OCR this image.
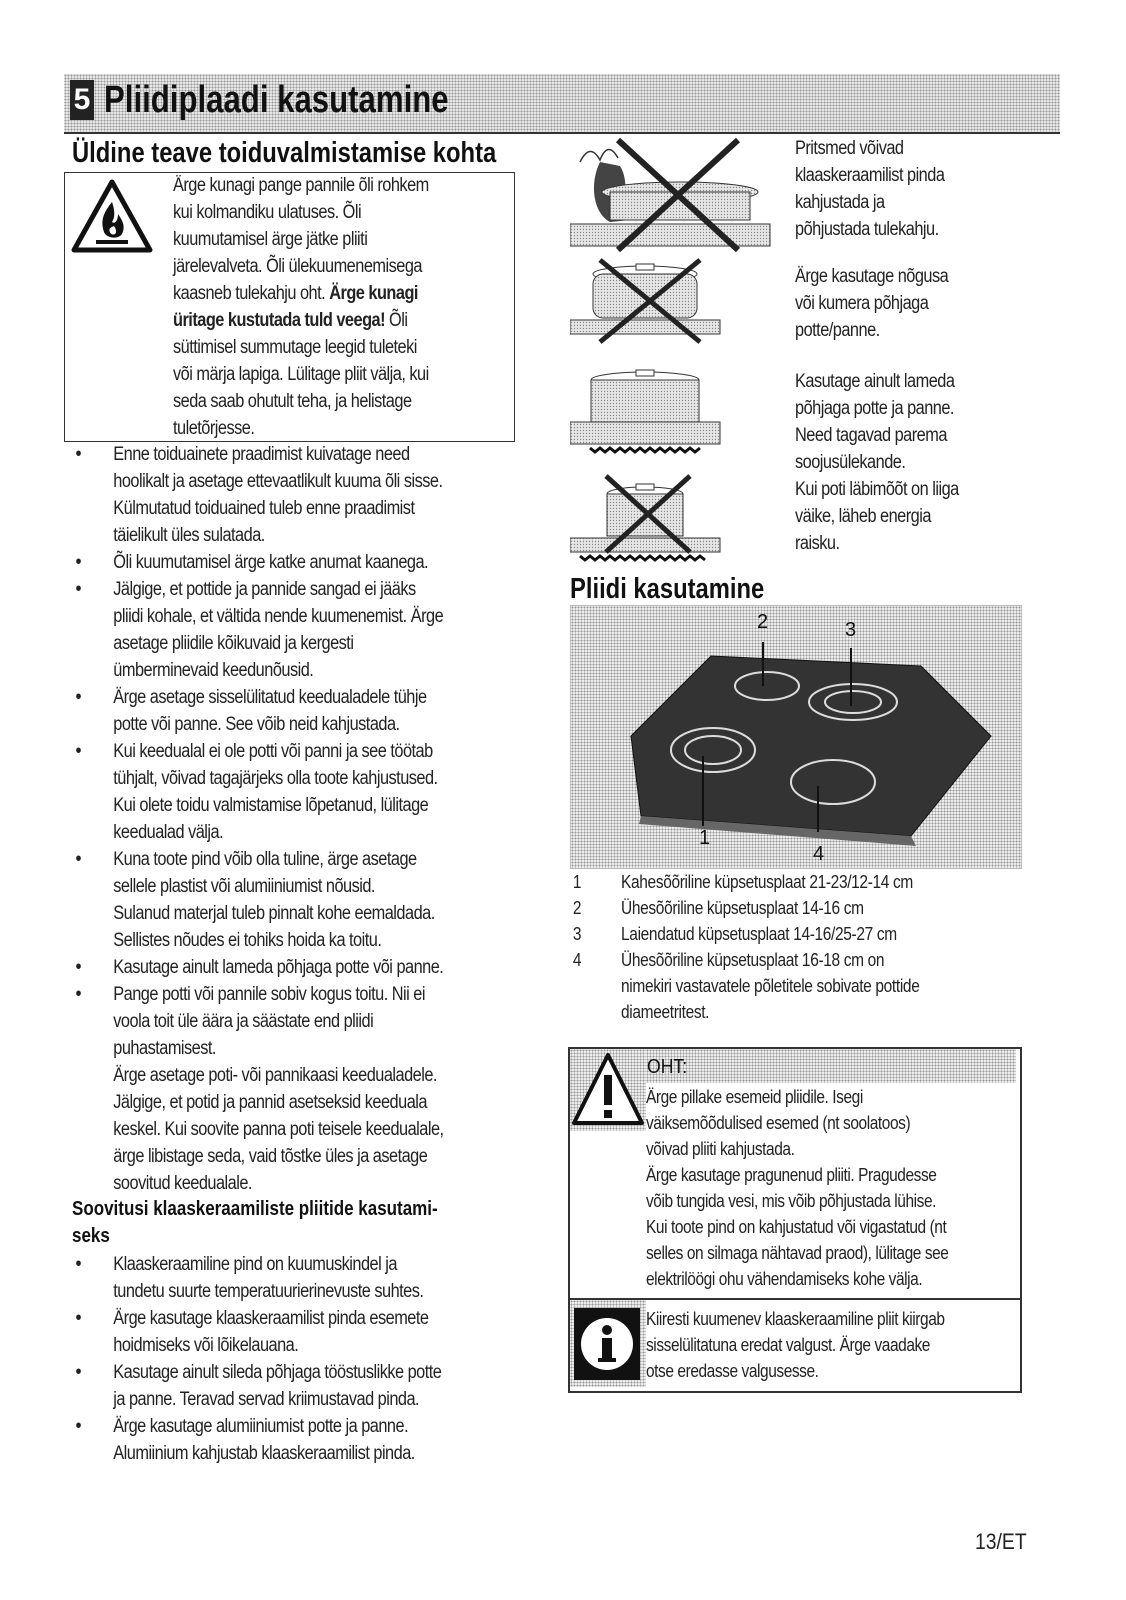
5 Pliidiplaadi kasutamine
Üldine teave toiduvalmistamise kohta
Ärge kunagi pange pannile õli rohkem
kui kolmandiku ulatuses. Õli
kuumutamisel ärge jätke pliiti
järelevalveta. Õli ülekuumenemisega
kaasneb tulekahju oht. Ärge kunagi
üritage kustutada tuld veega! Õli
süttimisel summutage leegid tuleteki
või märja lapiga. Lülitage pliit välja, kui
seda saab ohutult teha, ja helistage
tuletõrjesse.
• Enne toiduainete praadimist kuivatage need
hoolikalt ja asetage ettevaatlikult kuuma õli sisse.
Külmutatud toiduained tuleb enne praadimist
täielikult üles sulatada.
• Õli kuumutamisel ärge katke anumat kaanega.
• Jälgige, et pottide ja pannide sangad ei jääks
pliidi kohale, et vältida nende kuumenemist. Ärge
asetage pliidile kõikuvaid ja kergesti
ümberminevaid keedunõusid.
• Ärge asetage sisselülitatud keedualadele tühje
potte või panne. See võib neid kahjustada.
• Kui keedualal ei ole potti või panni ja see töötab
tühjalt, võivad tagajärjeks olla toote kahjustused.
Kui olete toidu valmistamise lõpetanud, lülitage
keedualad välja.
• Kuna toote pind võib olla tuline, ärge asetage
sellele plastist või alumiiniumist nõusid.
Sulanud materjal tuleb pinnalt kohe eemaldada.
Sellistes nõudes ei tohiks hoida ka toitu.
• Kasutage ainult lameda põhjaga potte või panne.
• Pange potti või pannile sobiv kogus toitu. Nii ei
voola toit üle äära ja säästate end pliidi
puhastamisest.
Ärge asetage poti- või pannikaasi keedualadele.
Jälgige, et potid ja pannid asetseksid keeduala
keskel. Kui soovite panna poti teisele keedualale,
ärge libistage seda, vaid tõstke üles ja asetage
soovitud keedualale.
Soovitusi klaaskeraamiliste pliitide kasutami-
seks
• Klaaskeraamiline pind on kuumuskindel ja
tundetu suurte temperatuurierinevuste suhtes.
• Ärge kasutage klaaskeraamilist pinda esemete
hoidmiseks või lõikelauana.
• Kasutage ainult sileda põhjaga tööstuslikke potte
ja panne. Teravad servad kriimustavad pinda.
• Ärge kasutage alumiiniumist potte ja panne.
Alumiinium kahjustab klaaskeraamilist pinda.
Pritsmed võivad
klaaskeraamilist pinda
kahjustada ja
põhjustada tulekahju.
Ärge kasutage nõgusa
või kumera põhjaga
potte/panne.
Kasutage ainult lameda
põhjaga potte ja panne.
Need tagavad parema
soojusülekande.
Kui poti läbimõõt on liiga
väike, läheb energia
raisku.
Pliidi kasutamine
2	3
1
4
1	Kahesõõriline küpsetusplaat 21-23/12-14 cm
2	Ühesõõriline küpsetusplaat 14-16 cm
3	Laiendatud küpsetusplaat 14-16/25-27 cm
4	Ühesõõriline küpsetusplaat 16-18 cm on
nimekiri vastavatele põletitele sobivate pottide
diameetritest.
OHT:
Ärge pillake esemeid pliidile. Isegi
väiksemõõdulised esemed (nt soolatoos)
võivad pliiti kahjustada.
Ärge kasutage pragunenud pliiti. Pragudesse
võib tungida vesi, mis võib põhjustada lühise.
Kui toote pind on kahjustatud või vigastatud (nt
selles on silmaga nähtavad praod), lülitage see
elektrilöögi ohu vähendamiseks kohe välja.
Kiiresti kuumenev klaaskeraamiline pliit kiirgab
sisselülitatuna eredat valgust. Ärge vaadake
otse eredasse valgusesse.
13/ET
